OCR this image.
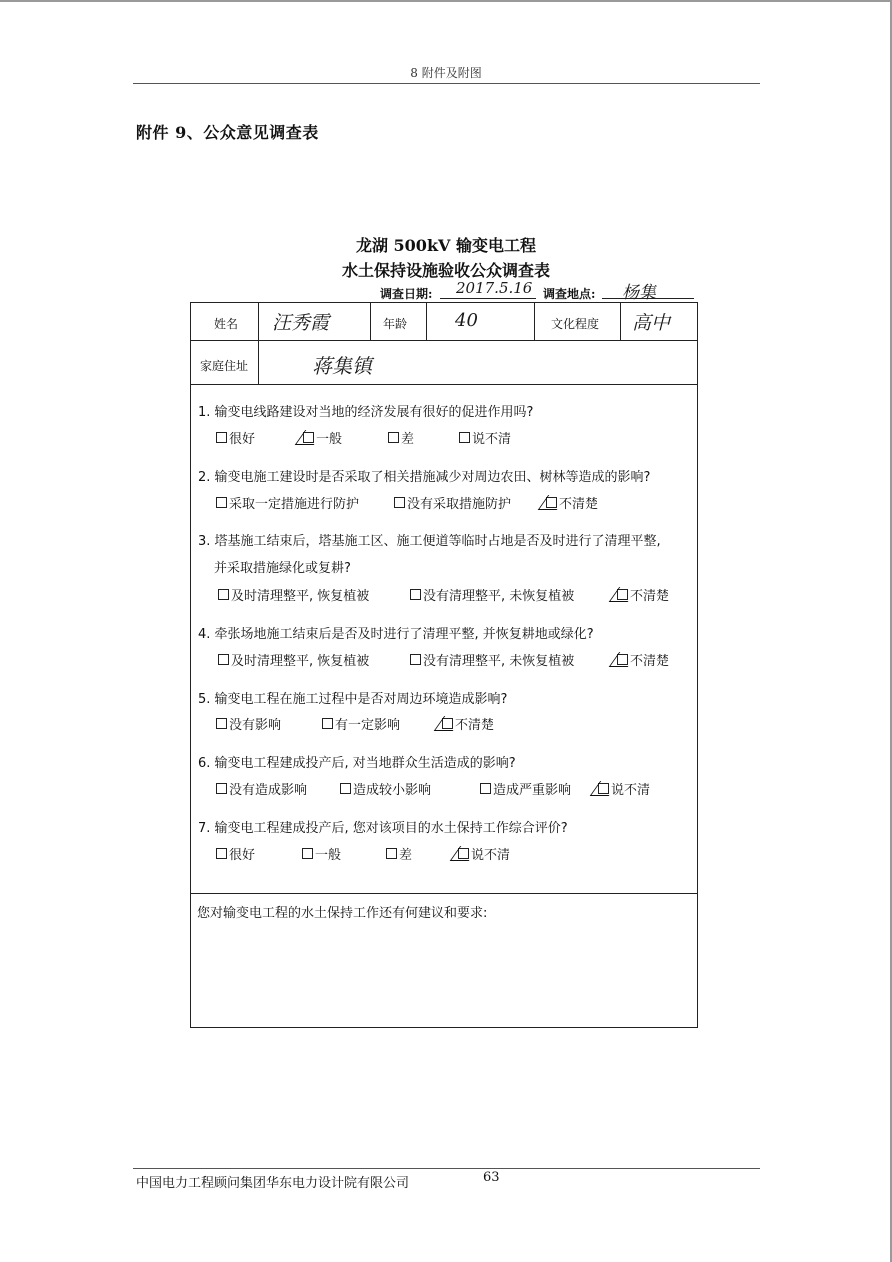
8 附件及附图
附件 9、公众意见调查表
龙湖 500kV 输变电工程
水土保持设施验收公众调查表
调查日期: 2017.5.16 调查地点: 杨集
姓名 汪秀霞	年龄	40	文化程度 高中
家庭住址	蒋集镇
1. 输变电线路建设对当地的经济发展有很好的促进作用吗?
很好	一般	差	说不清
2. 输变电施工建设时是否采取了相关措施减少对周边农田、树林等造成的影响?
采取一定措施进行防护	没有采取措施防护	不清楚
3. 塔基施工结束后，塔基施工区、施工便道等临时占地是否及时进行了清理平整,
并采取措施绿化或复耕?
及时清理整平, 恢复植被	没有清理整平, 未恢复植被	不清楚
4. 牵张场地施工结束后是否及时进行了清理平整, 并恢复耕地或绿化?
及时清理整平, 恢复植被	没有清理整平, 未恢复植被	不清楚
5. 输变电工程在施工过程中是否对周边环境造成影响?
没有影响	有一定影响	不清楚
6. 输变电工程建成投产后, 对当地群众生活造成的影响?
没有造成影响	造成较小影响	造成严重影响	说不清
7. 输变电工程建成投产后, 您对该项目的水土保持工作综合评价?
很好	一般	差	说不清
您对输变电工程的水土保持工作还有何建议和要求:
中国电力工程顾问集团华东电力设计院有限公司	63
